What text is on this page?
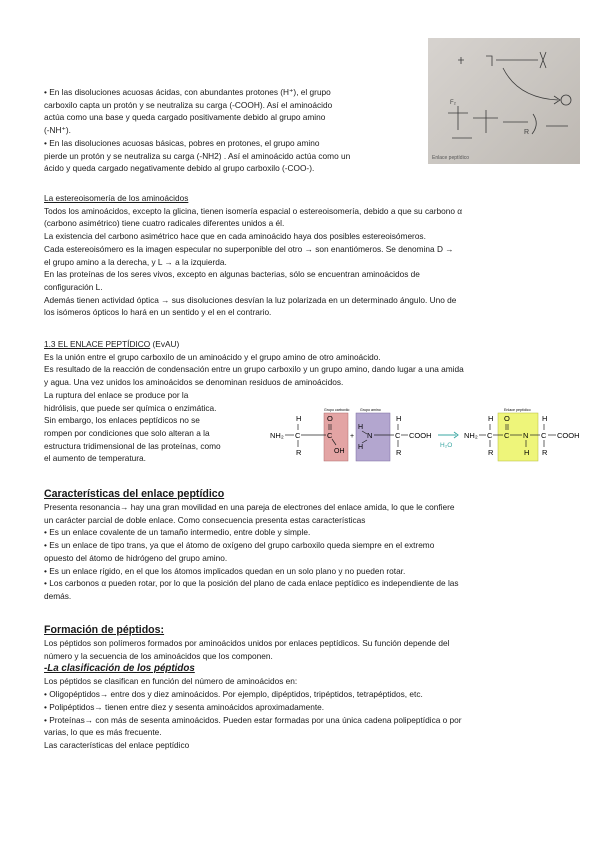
R
F₂
Enlace peptídico

• En las disoluciones acuosas ácidas, con abundantes protones (H⁺), el grupo

carboxilo capta un protón y se neutraliza su carga (-COOH). Así el aminoácido

actúa como una base y queda cargado positivamente debido al grupo amino

(-NH⁺).

• En las disoluciones acuosas básicas, pobres en protones, el grupo amino

pierde un protón y se neutraliza su carga (-NH2) . Así el aminoácido actúa como un

ácido y queda cargado negativamente debido al grupo carboxilo (-COO-).

La estereoisomería de los aminoácidos

Todos los aminoácidos, excepto la glicina, tienen isomería espacial o estereoisomería, debido a que su carbono α

(carbono asimétrico) tiene cuatro radicales diferentes unidos a él.

La existencia del carbono asimétrico hace que en cada aminoácido haya dos posibles estereoisómeros.

Cada estereoisómero es la imagen especular no superponible del otro → son enantiómeros. Se denomina D →

el grupo amino a la derecha, y L → a la izquierda.

En las proteínas de los seres vivos, excepto en algunas bacterias, sólo se encuentran aminoácidos de

configuración L.

Además tienen actividad óptica → sus disoluciones desvían la luz polarizada en un determinado ángulo. Uno de

los isómeros ópticos lo hará en un sentido y el en el contrario.

1.3 EL ENLACE PEPTÍDICO (EvAU)

Es la unión entre el grupo carboxilo de un aminoácido y el grupo amino de otro aminoácido.

Es resultado de la reacción de condensación entre un grupo carboxilo y un grupo amino, dando lugar a una amida

y agua. Una vez unidos los aminoácidos se denominan residuos de aminoácidos.

La ruptura del enlace se produce por la

hidrólisis, que puede ser química o enzimática.

Sin embargo, los enlaces peptídicos no se

rompen por condiciones que solo alteran a la

estructura tridimensional de las proteínas, como

el aumento de temperatura.

Grupo carboxilo	Grupo amino	Enlace peptídico
NH₂ C
H
R
C
O
OH
+
H
N
H
C
H
R
COOH
H₂O
NH₂ C
H
R
C
O
N
H
C
H
R
COOH

Características del enlace peptídico

Presenta resonancia→ hay una gran movilidad en una pareja de electrones del enlace amida, lo que le confiere

un carácter parcial de doble enlace. Como consecuencia presenta estas características

• Es un enlace covalente de un tamaño intermedio, entre doble y simple.

• Es un enlace de tipo trans, ya que el átomo de oxígeno del grupo carboxilo queda siempre en el extremo

opuesto del átomo de hidrógeno del grupo amino.

• Es un enlace rígido, en el que los átomos implicados quedan en un solo plano y no pueden rotar.

• Los carbonos α pueden rotar, por lo que la posición del plano de cada enlace peptídico es independiente de las

demás.

Formación de péptidos:

Los péptidos son polímeros formados por aminoácidos unidos por enlaces peptídicos. Su función depende del

número y la secuencia de los aminoácidos que los componen.

-La clasificación de los péptidos

Los péptidos se clasifican en función del número de aminoácidos en:

• Oligopéptidos→ entre dos y diez aminoácidos. Por ejemplo, dipéptidos, tripéptidos, tetrapéptidos, etc.

• Polipéptidos→ tienen entre diez y sesenta aminoácidos aproximadamente.

• Proteínas→ con más de sesenta aminoácidos. Pueden estar formadas por una única cadena polipeptídica o por

varias, lo que es más frecuente.

Las características del enlace peptídico
